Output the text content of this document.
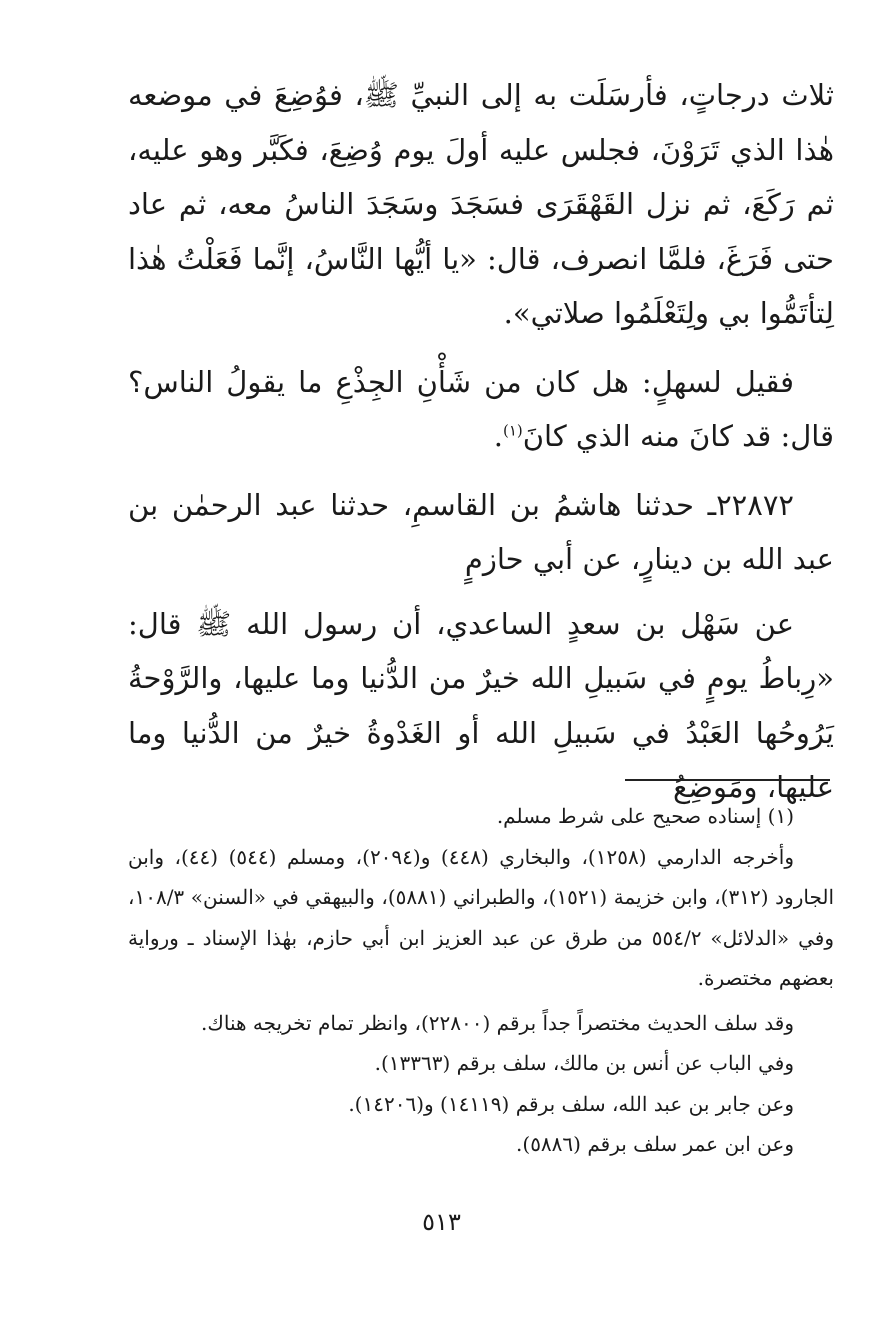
ثلاث درجاتٍ، فأرسَلَت به إلى النبيِّ ﷺ، فوُضِعَ في موضعه هٰذا الذي تَرَوْنَ، فجلس عليه أولَ يوم وُضِعَ، فكَبَّر وهو عليه، ثم رَكَعَ، ثم نزل القَهْقَرَى فسَجَدَ وسَجَدَ الناسُ معه، ثم عاد حتى فَرَغَ، فلمَّا انصرف، قال: «يا أيُّها النَّاسُ، إنَّما فَعَلْتُ هٰذا لِتأتَمُّوا بي ولِتَعْلَمُوا صلاتي».

فقيل لسهلٍ: هل كان من شَأْنِ الجِذْعِ ما يقولُ الناس؟ قال: قد كانَ منه الذي كانَ$^{(١)}$.

٢٢٨٧٢ـ حدثنا هاشمُ بن القاسمِ، حدثنا عبد الرحمٰن بن عبد الله بن دينارٍ، عن أبي حازمٍ

عن سَهْل بن سعدٍ الساعدي، أن رسول الله ﷺ قال: «رِباطُ يومٍ في سَبيلِ الله خيرٌ من الدُّنيا وما عليها، والرَّوْحةُ يَرُوحُها العَبْدُ في سَبيلِ الله أو الغَدْوةُ خيرٌ من الدُّنيا وما عليها، ومَوضِعُ

(١) إسناده صحيح على شرط مسلم.

وأخرجه الدارمي (١٢٥٨)، والبخاري (٤٤٨) و(٢٠٩٤)، ومسلم (٥٤٤) (٤٤)، وابن الجارود (٣١٢)، وابن خزيمة (١٥٢١)، والطبراني (٥٨٨١)، والبيهقي في «السنن» ١٠٨/٣، وفي «الدلائل» ٥٥٤/٢ من طرق عن عبد العزيز ابن أبي حازم، بهٰذا الإسناد ـ ورواية بعضهم مختصرة.

وقد سلف الحديث مختصراً جداً برقم (٢٢٨٠٠)، وانظر تمام تخريجه هناك.

وفي الباب عن أنس بن مالك، سلف برقم (١٣٣٦٣).

وعن جابر بن عبد الله، سلف برقم (١٤١١٩) و(١٤٢٠٦).

وعن ابن عمر سلف برقم (٥٨٨٦).

٥١٣
